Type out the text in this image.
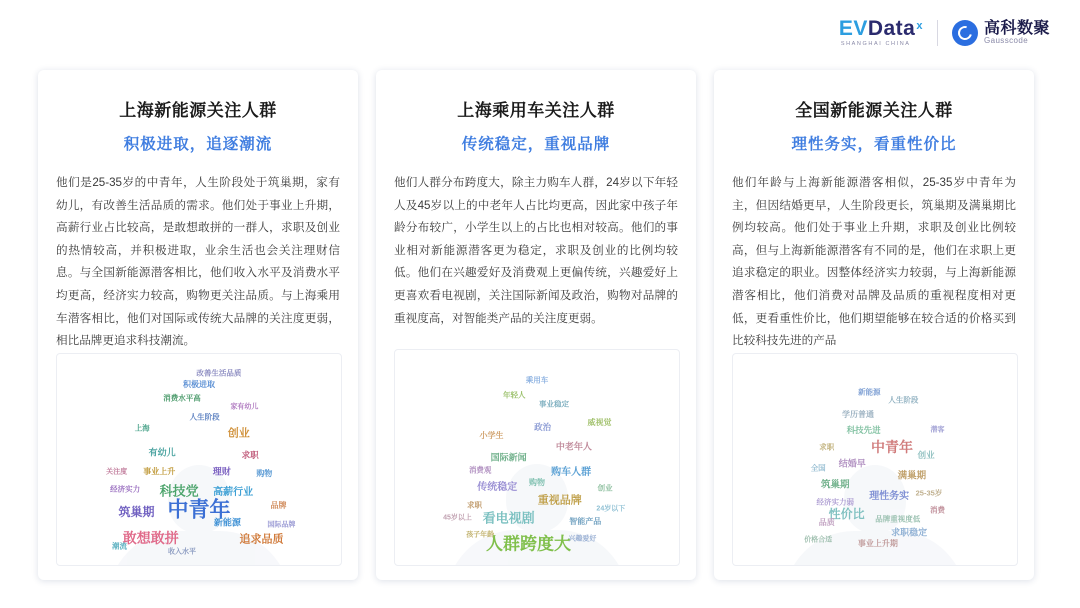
EV Data x
SHANGHAI CHINA
高科数聚
Gausscode
上海新能源关注人群
积极进取，追逐潮流
他们是25-35岁的中青年，人生阶段处于筑巢期，家有幼儿，有改善生活品质的需求。他们处于事业上升期，高薪行业占比较高，是敢想敢拼的一群人，求职及创业的热情较高，并积极进取，业余生活也会关注理财信息。与全国新能源潜客相比，他们收入水平及消费水平均更高，经济实力较高，购物更关注品质。与上海乘用车潜客相比，他们对国际或传统大品牌的关注度更弱，相比品牌更追求科技潮流。
中青年
敢想敢拼
科技党
筑巢期
追求品质
创业
高薪行业
理财
有幼儿	求职
积极进取
改善生活品质
消费水平高
事业上升	购物
经济实力
品牌
潮流
新能源
收入水平
国际品牌
关注度
人生阶段
上海
家有幼儿
上海乘用车关注人群
传统稳定，重视品牌
他们人群分布跨度大，除主力购车人群，24岁以下年轻人及45岁以上的中老年人占比均更高，因此家中孩子年龄分布较广，小学生以上的占比也相对较高。他们的事业相对新能源潜客更为稳定，求职及创业的比例均较低。他们在兴趣爱好及消费观上更偏传统，兴趣爱好上更喜欢看电视剧，关注国际新闻及政治，购物对品牌的重视度高，对智能类产品的关注度更弱。
人群跨度大
看电视剧
重视品牌
传统稳定
购车人群
国际新闻
中老年人
政治	威视觉
小学生
事业稳定
年轻人
智能产品
求职
创业
消费观
兴趣爱好
孩子年龄
购物
乘用车
45岁以上
24岁以下
全国新能源关注人群
理性务实，看重性价比
他们年龄与上海新能源潜客相似，25-35岁中青年为主，但因结婚更早，人生阶段更长，筑巢期及满巢期比例均较高。他们处于事业上升期，求职及创业比例较高，但与上海新能源潜客有不同的是，他们在求职上更追求稳定的职业。因整体经济实力较弱，与上海新能源潜客相比，他们消费对品牌及品质的重视程度相对更低，更看重性价比，他们期望能够在较合适的价格买到比较科技先进的产品
中青年
性价比
理性务实
筑巢期
满巢期
结婚早
求职稳定
科技先进
学历普通
事业上升期
创业
品质	品牌重视度低
经济实力弱
人生阶段
新能源
25-35岁
全国
消费
价格合适
潜客
求职
